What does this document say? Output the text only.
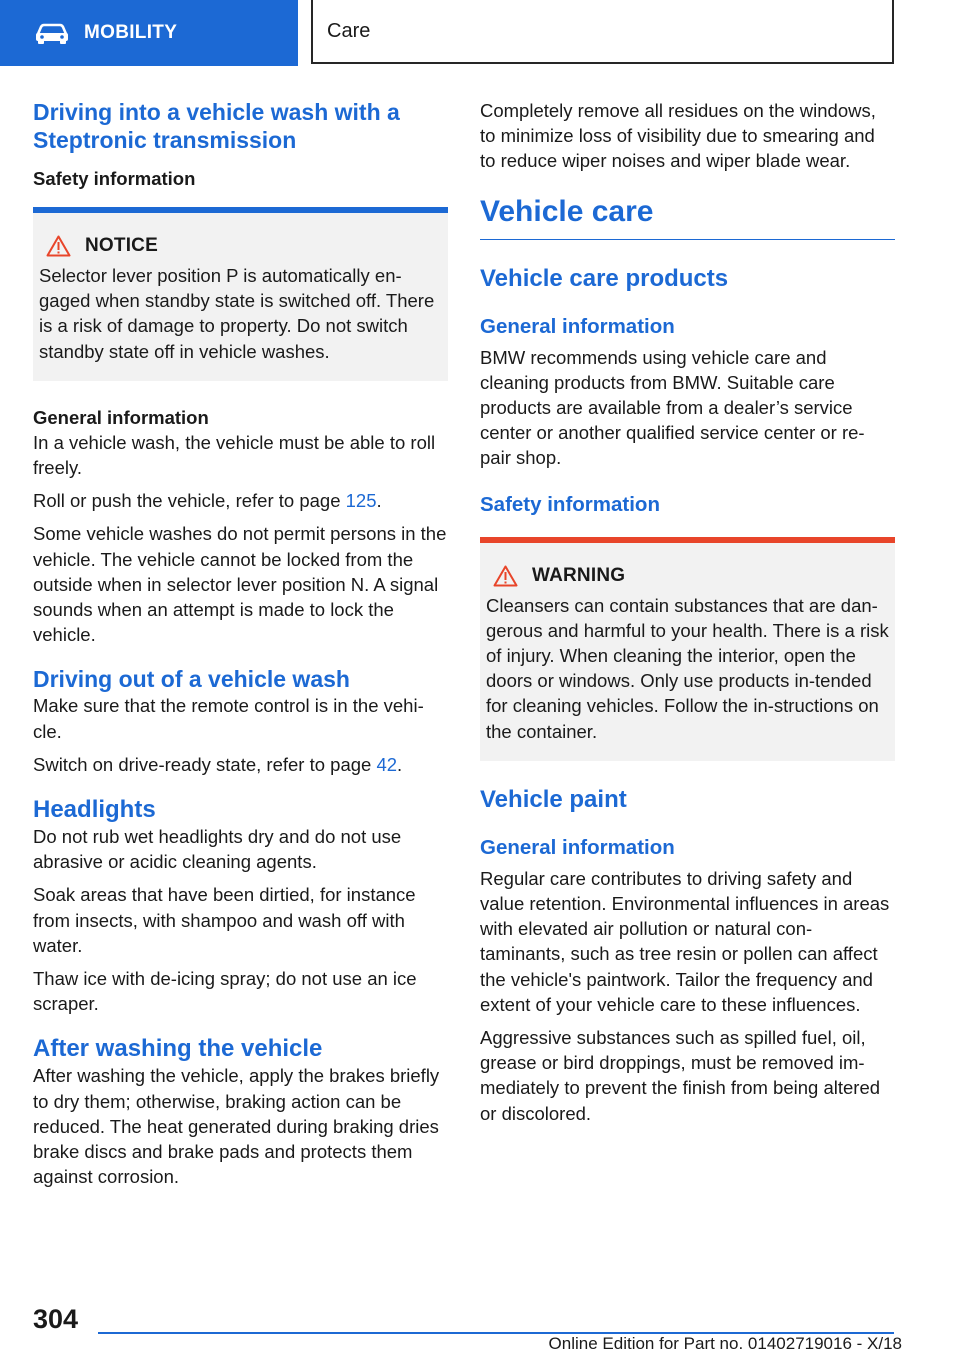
MOBILITY	Care
Driving into a vehicle wash with a Steptronic transmission
Safety information
NOTICE

Selector lever position P is automatically en‐gaged when standby state is switched off. There is a risk of damage to property. Do not switch standby state off in vehicle washes.

General information

In a vehicle wash, the vehicle must be able to roll freely.

Roll or push the vehicle, refer to page 125.

Some vehicle washes do not permit persons in the vehicle. The vehicle cannot be locked from the outside when in selector lever position N. A signal sounds when an attempt is made to lock the vehicle.

Driving out of a vehicle wash

Make sure that the remote control is in the vehi‐cle.

Switch on drive-ready state, refer to page 42.

Headlights

Do not rub wet headlights dry and do not use abrasive or acidic cleaning agents.

Soak areas that have been dirtied, for instance from insects, with shampoo and wash off with water.

Thaw ice with de-icing spray; do not use an ice scraper.

After washing the vehicle

After washing the vehicle, apply the brakes briefly to dry them; otherwise, braking action can be reduced. The heat generated during braking dries brake discs and brake pads and protects them against corrosion.

Completely remove all residues on the windows, to minimize loss of visibility due to smearing and to reduce wiper noises and wiper blade wear.

Vehicle care
Vehicle care products
General information

BMW recommends using vehicle care and cleaning products from BMW. Suitable care products are available from a dealer’s service center or another qualified service center or re‐pair shop.

Safety information
WARNING

Cleansers can contain substances that are dan‐gerous and harmful to your health. There is a risk of injury. When cleaning the interior, open the doors or windows. Only use products in‐tended for cleaning vehicles. Follow the in‐structions on the container.

Vehicle paint
General information

Regular care contributes to driving safety and value retention. Environmental influences in areas with elevated air pollution or natural con‐taminants, such as tree resin or pollen can affect the vehicle's paintwork. Tailor the frequency and extent of your vehicle care to these influences.

Aggressive substances such as spilled fuel, oil, grease or bird droppings, must be removed im‐mediately to prevent the finish from being altered or discolored.

304
Online Edition for Part no. 01402719016 - X/18
